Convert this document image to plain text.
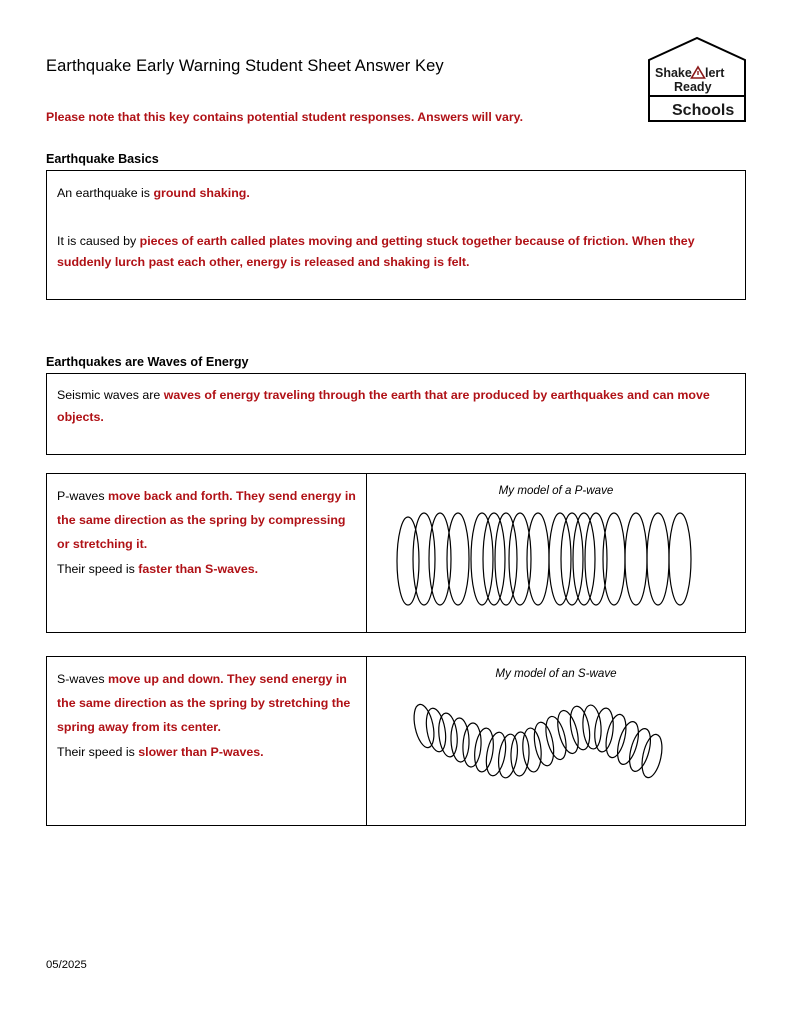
Earthquake Early Warning Student Sheet Answer Key	Shake lert
Ready
Schools
Please note that this key contains potential student responses. Answers will vary.
Earthquake Basics
An earthquake is ground shaking.
It is caused by pieces of earth called plates moving and getting stuck together because of friction. When they suddenly lurch past each other, energy is released and shaking is felt.
Earthquakes are Waves of Energy
Seismic waves are waves of energy traveling through the earth that are produced by earthquakes and can move objects.
P-waves move back and forth. They send energy in the same direction as the spring by compressing or stretching it.
Their speed is faster than S-waves.
My model of a P-wave
S-waves move up and down. They send energy in the same direction as the spring by stretching the spring away from its center.
Their speed is slower than P-waves.
My model of an S-wave
05/2025
